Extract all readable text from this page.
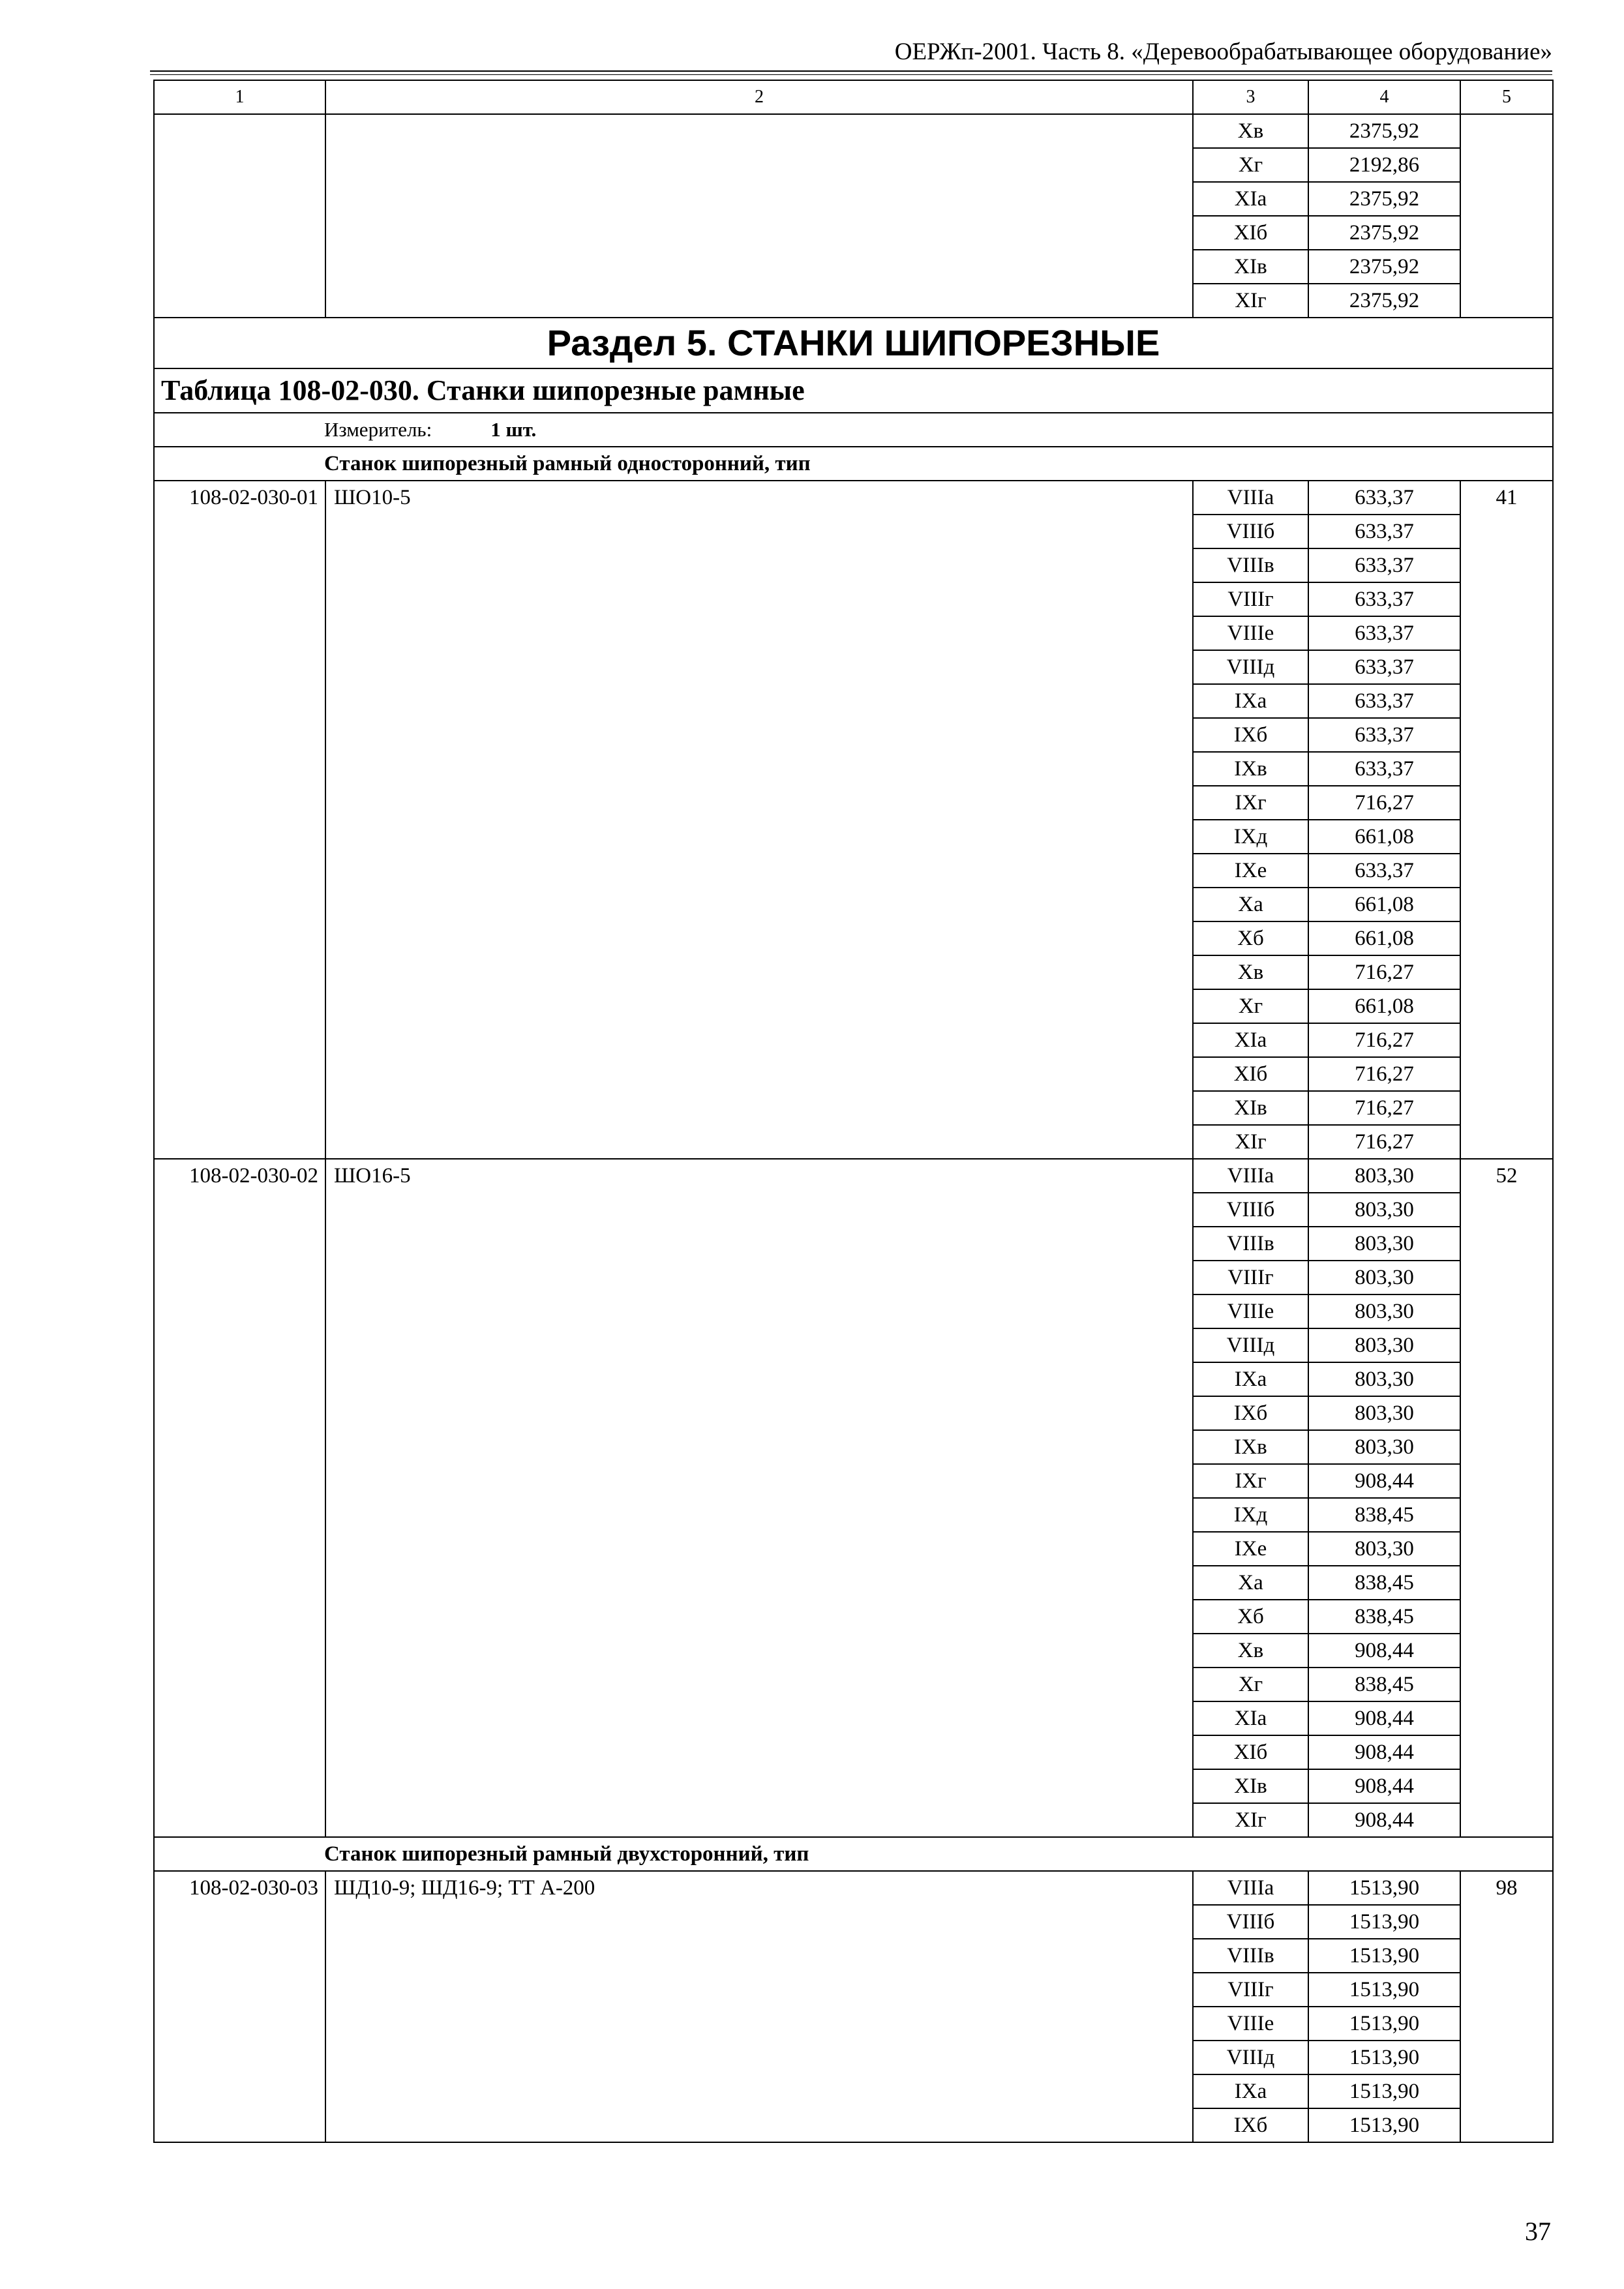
ОЕРЖп-2001. Часть 8. «Деревообрабатывающее оборудование»
1	2	3	4	5
		Хв	2375,92	
		Хг	2192,86	
		ХIа	2375,92	
		ХIб	2375,92	
		ХIв	2375,92	
		ХIг	2375,92	
Раздел 5. СТАНКИ ШИПОРЕЗНЫЕ				
Таблица 108-02-030. Станки шипорезные рамные				
Измеритель: 1 шт.				
Станок шипорезный рамный односторонний, тип				
108-02-030-01	ШО10-5	VIIIа	633,37	41
		VIIIб	633,37	
		VIIIв	633,37	
		VIIIг	633,37	
		VIIIе	633,37	
		VIIIд	633,37	
		IХа	633,37	
		IХб	633,37	
		IХв	633,37	
		IХг	716,27	
		IХд	661,08	
		IХе	633,37	
		Ха	661,08	
		Хб	661,08	
		Хв	716,27	
		Хг	661,08	
		ХIа	716,27	
		ХIб	716,27	
		ХIв	716,27	
		ХIг	716,27	
108-02-030-02	ШО16-5	VIIIа	803,30	52
		VIIIб	803,30	
		VIIIв	803,30	
		VIIIг	803,30	
		VIIIе	803,30	
		VIIIд	803,30	
		IХа	803,30	
		IХб	803,30	
		IХв	803,30	
		IХг	908,44	
		IХд	838,45	
		IХе	803,30	
		Ха	838,45	
		Хб	838,45	
		Хв	908,44	
		Хг	838,45	
		ХIа	908,44	
		ХIб	908,44	
		ХIв	908,44	
		ХIг	908,44	
Станок шипорезный рамный двухсторонний, тип				
108-02-030-03	ШД10-9; ШД16-9; ТТ А-200	VIIIа	1513,90	98
		VIIIб	1513,90	
		VIIIв	1513,90	
		VIIIг	1513,90	
		VIIIе	1513,90	
		VIIIд	1513,90	
		IХа	1513,90	
		IХб	1513,90	
37
